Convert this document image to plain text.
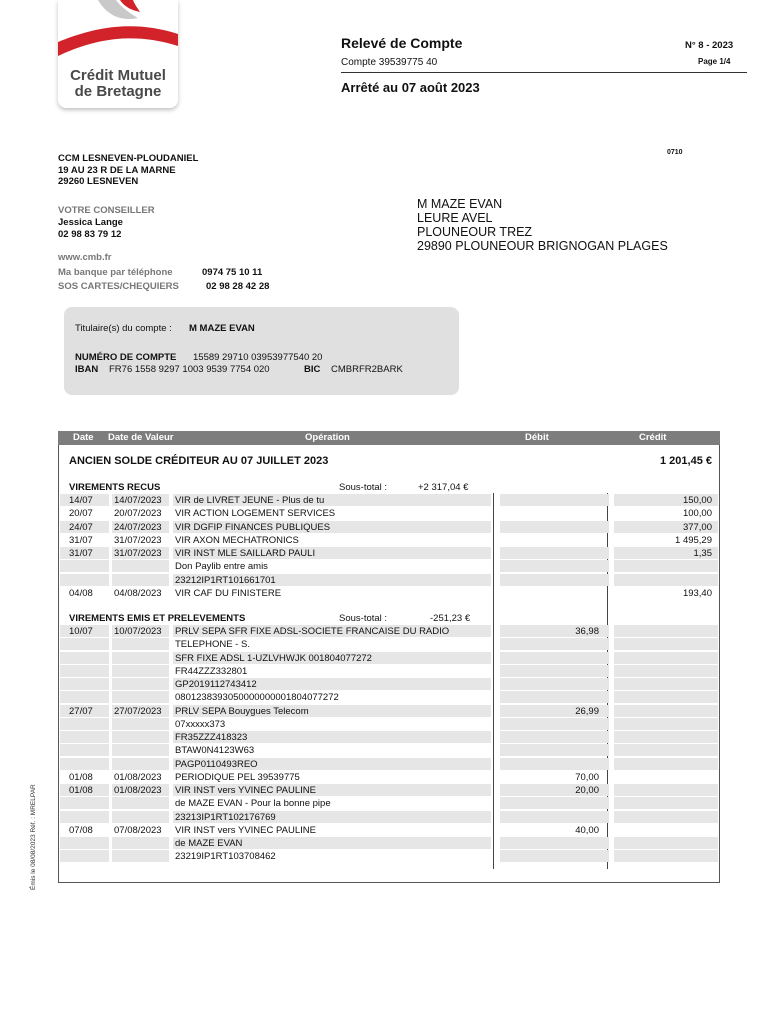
Crédit Mutuel
de Bretagne
Relevé de Compte
Compte 39539775 40
N° 8 - 2023
Page 1/4
Arrêté au 07 août 2023
0710
CCM LESNEVEN-PLOUDANIEL
19 AU 23 R DE LA MARNE
29260 LESNEVEN
VOTRE CONSEILLER
Jessica Lange
02 98 83 79 12
www.cmb.fr
Ma banque par téléphone	0974 75 10 11
SOS CARTES/CHEQUIERS	02 98 28 42 28
M MAZE EVAN
LEURE AVEL
PLOUNEOUR TREZ
29890 PLOUNEOUR BRIGNOGAN PLAGES
Titulaire(s) du compte : M MAZE EVAN
NUMÉRO DE COMPTE 15589 29710 03953977540 20
IBAN FR76 1558 9297 1003 9539 7754 020	BIC CMBRFR2BARK
Date Date de Valeur	Opération	Débit	Crédit
ANCIEN SOLDE CRÉDITEUR AU 07 JUILLET 2023	1 201,45 €
VIREMENTS RECUS	Sous-total :	+2 317,04 €
14/07	14/07/2023	VIR de LIVRET JEUNE - Plus de tu	150,00
20/07	20/07/2023	VIR ACTION LOGEMENT SERVICES	100,00
24/07	24/07/2023	VIR DGFIP FINANCES PUBLIQUES	377,00
31/07	31/07/2023	VIR AXON MECHATRONICS	1 495,29
31/07	31/07/2023	VIR INST MLE SAILLARD PAULI	1,35
Don Paylib entre amis
23212IP1RT101661701
04/08	04/08/2023	VIR CAF DU FINISTERE	193,40
VIREMENTS EMIS ET PRELEVEMENTS	Sous-total :	-251,23 €
10/07	10/07/2023	PRLV SEPA SFR FIXE ADSL-SOCIETE FRANCAISE DU RADIO	36,98
TELEPHONE - S.
SFR FIXE ADSL 1-UZLVHWJK 001804077272
FR44ZZZ332801
GP2019112743412
0801238393050000000001804077272
27/07	27/07/2023	PRLV SEPA Bouygues Telecom	26,99
07xxxxx373
FR35ZZZ418323
BTAW0N4123W63
PAGP0110493REO
01/08	01/08/2023	PERIODIQUE PEL 39539775	70,00
01/08	01/08/2023	VIR INST vers YVINEC PAULINE	20,00
de MAZE EVAN - Pour la bonne pipe
23213IP1RT102176769
07/08	07/08/2023	VIR INST vers YVINEC PAULINE	40,00
de MAZE EVAN
23219IP1RT103708462
Émis le 08/08/2023 Réf. : MRELPAR
